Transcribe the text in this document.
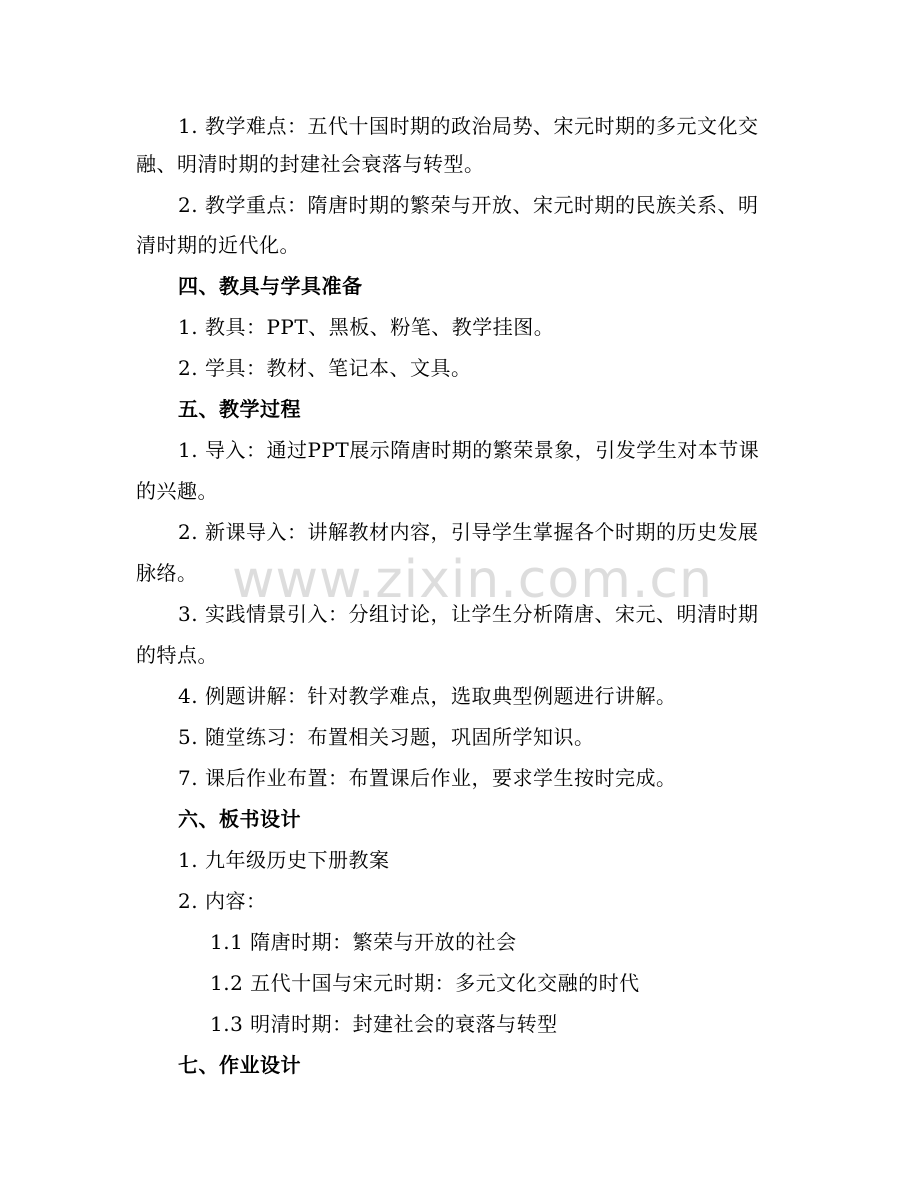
www.zixin.com.cn
1. 教学难点：五代十国时期的政治局势、宋元时期的多元文化交
融、明清时期的封建社会衰落与转型。
2. 教学重点：隋唐时期的繁荣与开放、宋元时期的民族关系、明
清时期的近代化。
四、教具与学具准备
1. 教具：PPT、黑板、粉笔、教学挂图。
2. 学具：教材、笔记本、文具。
五、教学过程
1. 导入：通过PPT展示隋唐时期的繁荣景象，引发学生对本节课
的兴趣。
2. 新课导入：讲解教材内容，引导学生掌握各个时期的历史发展
脉络。
3. 实践情景引入：分组讨论，让学生分析隋唐、宋元、明清时期
的特点。
4. 例题讲解：针对教学难点，选取典型例题进行讲解。
5. 随堂练习：布置相关习题，巩固所学知识。
7. 课后作业布置：布置课后作业，要求学生按时完成。
六、板书设计
1. 九年级历史下册教案
2. 内容：
1.1 隋唐时期：繁荣与开放的社会
1.2 五代十国与宋元时期：多元文化交融的时代
1.3 明清时期：封建社会的衰落与转型
七、作业设计
